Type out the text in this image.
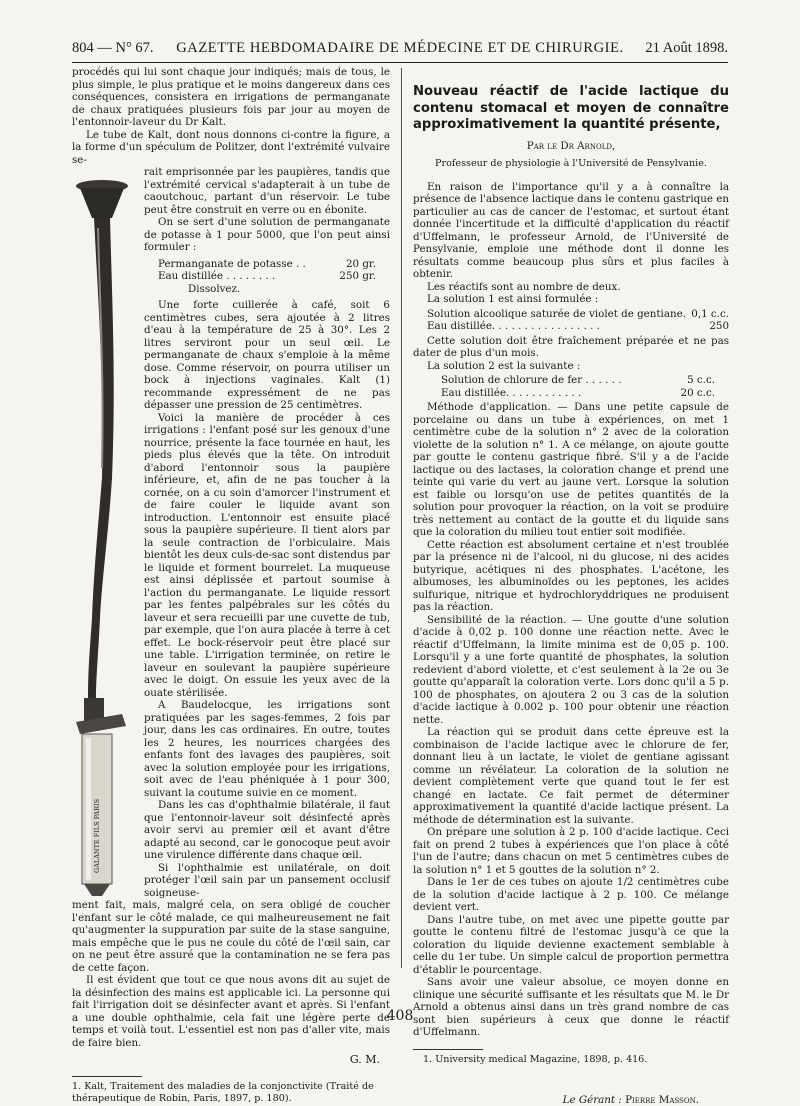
804 — N° 67.	GAZETTE HEBDOMADAIRE DE MÉDECINE ET DE CHIRURGIE.	21 Août 1898.
GALANTE FILS PARIS

procédés qui lui sont chaque jour indiqués; mais de tous, le plus simple, le plus pratique et le moins dangereux dans ces conséquences, consistera en irrigations de permanganate de chaux pratiquées plusieurs fois par jour au moyen de l'entonnoir-laveur du Dr Kalt.

Le tube de Kalt, dont nous donnons ci-contre la figure, a la forme d'un spéculum de Politzer, dont l'extrémité vulvaire se-

rait emprisonnée par les paupières, tandis que l'extrémité cervical s'adapterait à un tube de caoutchouc, partant d'un réservoir. Le tube peut être construit en verre ou en ébonite.

On se sert d'une solution de permanganate de potasse à 1 pour 5000, que l'on peut ainsi formuler :

Permanganate de potasse . .	20 gr.
Eau distillée . . . . . . . .	250 gr.
Dissolvez.

Une forte cuillerée à café, soit 6 centimètres cubes, sera ajoutée à 2 litres d'eau à la température de 25 à 30°. Les 2 litres serviront pour un seul œil. Le permanganate de chaux s'emploie à la même dose. Comme réservoir, on pourra utiliser un bock à injections vaginales. Kalt (1) recommande expressément de ne pas dépasser une pression de 25 centimètres.

Voici la manière de procéder à ces irrigations : l'enfant posé sur les genoux d'une nourrice, présente la face tournée en haut, les pieds plus élevés que la tête. On introduit d'abord l'entonnoir sous la paupière inférieure, et, afin de ne pas toucher à la cornée, on a cu soin d'amorcer l'instrument et de faire couler le liquide avant son introduction. L'entonnoir est ensuite placé sous la paupière supérieure. Il tient alors par la seule contraction de l'orbiculaire. Mais bientôt les deux culs-de-sac sont distendus par le liquide et forment bourrelet. La muqueuse est ainsi déplissée et partout soumise à l'action du permanganate. Le liquide ressort par les fentes palpébrales sur les côtés du laveur et sera recueilli par une cuvette de tub, par exemple, que l'on aura placée à terre à cet effet. Le bock-réservoir peut être placé sur une table. L'irrigation terminée, on retire le laveur en soulevant la paupière supérieure avec le doigt. On essuie les yeux avec de la ouate stérilisée.

A Baudelocque, les irrigations sont pratiquées par les sages-femmes, 2 fois par jour, dans les cas ordinaires. En outre, toutes les 2 heures, les nourrices chargées des enfants font des lavages des paupières, soit avec la solution employée pour les irrigations, soit avec de l'eau phéniquée à 1 pour 300, suivant la coutume suivie en ce moment.

Dans les cas d'ophthalmie bilatérale, il faut que l'entonnoir-laveur soit désinfecté après avoir servi au premier œil et avant d'être adapté au second, car le gonocoque peut avoir une virulence différente dans chaque œil.

Si l'ophthalmie est unilatérale, on doit protéger l'œil sain par un pansement occlusif soigneuse-

ment fait, mais, malgré cela, on sera obligé de coucher l'enfant sur le côté malade, ce qui malheureusement ne fait qu'augmenter la suppuration par suite de la stase sanguine, mais empêche que le pus ne coule du côté de l'œil sain, car on ne peut être assuré que la contamination ne se fera pas de cette façon.

Il est évident que tout ce que nous avons dit au sujet de la désinfection des mains est applicable ici. La personne qui fait l'irrigation doit se désinfecter avant et après. Si l'enfant a une double ophthalmie, cela fait une légère perte de temps et voilà tout. L'essentiel est non pas d'aller vite, mais de faire bien.

G. M.
1. Kalt, Traitement des maladies de la conjonctivite (Traité de thérapeutique de Robin, Paris, 1897, p. 180).
Nouveau réactif de l'acide lactique du contenu stomacal et moyen de connaître approximativement la quantité présente,
Par le Dr Arnold,
Professeur de physiologie à l'Université de Pensylvanie.

En raison de l'importance qu'il y a à connaître la présence de l'absence lactique dans le contenu gastrique en particulier au cas de cancer de l'estomac, et surtout étant donnée l'incertitude et la difficulté d'application du réactif d'Uffelmann, le professeur Arnold, de l'Université de Pensylvanie, emploie une méthode dont il donne les résultats comme beaucoup plus sûrs et plus faciles à obtenir.

Les réactifs sont au nombre de deux.

La solution 1 est ainsi formulée :

Solution alcoolique saturée de violet de gentiane. 0,1 c.c.
Eau distillée. . . . . . . . . . . . . . . . .	250

Cette solution doit être fraîchement préparée et ne pas dater de plus d'un mois.

La solution 2 est la suivante :

Solution de chlorure de fer . . . . . .	5 c.c.
Eau distillée. . . . . . . . . . . .	20 c.c.

Méthode d'application. — Dans une petite capsule de porcelaine ou dans un tube à expériences, on met 1 centimètre cube de la solution n° 2 avec de la coloration violette de la solution n° 1. A ce mélange, on ajoute goutte par goutte le contenu gastrique fibré. S'il y a de l'acide lactique ou des lactases, la coloration change et prend une teinte qui varie du vert au jaune vert. Lorsque la solution est faible ou lorsqu'on use de petites quantités de la solution pour provoquer la réaction, on la voit se produire très nettement au contact de la goutte et du liquide sans que la coloration du milieu tout entier soit modifiée.

Cette réaction est absolument certaine et n'est troublée par la présence ni de l'alcool, ni du glucose, ni des acides butyrique, acétiques ni des phosphates. L'acétone, les albumoses, les albuminoïdes ou les peptones, les acides sulfurique, nitrique et hydrochloryddriques ne produisent pas la réaction.

Sensibilité de la réaction. — Une goutte d'une solution d'acide à 0,02 p. 100 donne une réaction nette. Avec le réactif d'Uffelmann, la limite minima est de 0,05 p. 100. Lorsqu'il y a une forte quantité de phosphates, la solution redevient d'abord violette, et c'est seulement à la 2e ou 3e goutte qu'apparaît la coloration verte. Lors donc qu'il a 5 p. 100 de phosphates, on ajoutera 2 ou 3 cas de la solution d'acide lactique à 0.002 p. 100 pour obtenir une réaction nette.

La réaction qui se produit dans cette épreuve est la combinaison de l'acide lactique avec le chlorure de fer, donnant lieu à un lactate, le violet de gentiane agissant comme un révélateur. La coloration de la solution ne devient complètement verte que quand tout le fer est changé en lactate. Ce fait permet de déterminer approximativement la quantité d'acide lactique présent. La méthode de détermination est la suivante.

On prépare une solution à 2 p. 100 d'acide lactique. Ceci fait on prend 2 tubes à expériences que l'on place à côté l'un de l'autre; dans chacun on met 5 centimètres cubes de la solution n° 1 et 5 gouttes de la solution n° 2.

Dans le 1er de ces tubes on ajoute 1/2 centimètres cube de la solution d'acide lactique à 2 p. 100. Ce mélange devient vert.

Dans l'autre tube, on met avec une pipette goutte par goutte le contenu filtré de l'estomac jusqu'à ce que la coloration du liquide devienne exactement semblable à celle du 1er tube. Un simple calcul de proportion permettra d'établir le pourcentage.

Sans avoir une valeur absolue, ce moyen donne en clinique une sécurité suffisante et les résultats que M. le Dr Arnold a obtenus ainsi dans un très grand nombre de cas sont bien supérieurs à ceux que donne le réactif d'Uffelmann.

1. University medical Magazine, 1898, p. 416.
Le Gérant : Pierre Masson.
408
